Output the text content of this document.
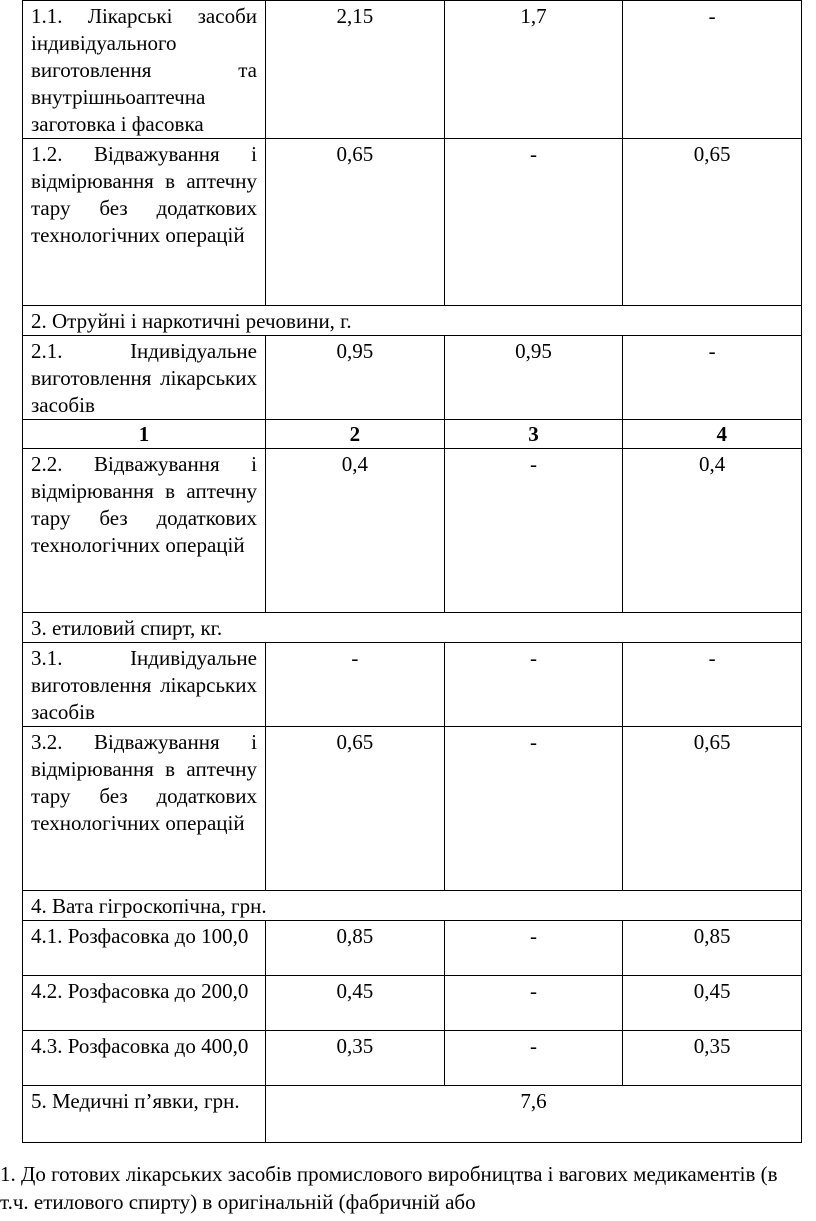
1.1. Лікарські засоби індивідуального виготовлення та внутрішньоаптечна заготовка і фасовка	2,15	1,7	-
1.2. Відважування і відмірювання в аптечну тару без додаткових технологічних операцій	0,65	-	0,65
2. Отруйні і наркотичні речовини, г.			
2.1. Індивідуальне виготовлення лікарських засобів	0,95	0,95	-
1	2	3	4
2.2. Відважування і відмірювання в аптечну тару без додаткових технологічних операцій	0,4	-	0,4
3. етиловий спирт, кг.			
3.1. Індивідуальне виготовлення лікарських засобів	-	-	-
3.2. Відважування і відмірювання в аптечну тару без додаткових технологічних операцій	0,65	-	0,65
4. Вата гігроскопічна, грн.			
4.1. Розфасовка до 100,0	0,85	-	0,85
4.2. Розфасовка до 200,0	0,45	-	0,45
4.3. Розфасовка до 400,0	0,35	-	0,35
5. Медичні п’явки, грн.	7,6		

1. До готових лікарських засобів промислового виробництва і вагових медикаментів (в т.ч. етилового спирту) в оригінальній (фабричній або
